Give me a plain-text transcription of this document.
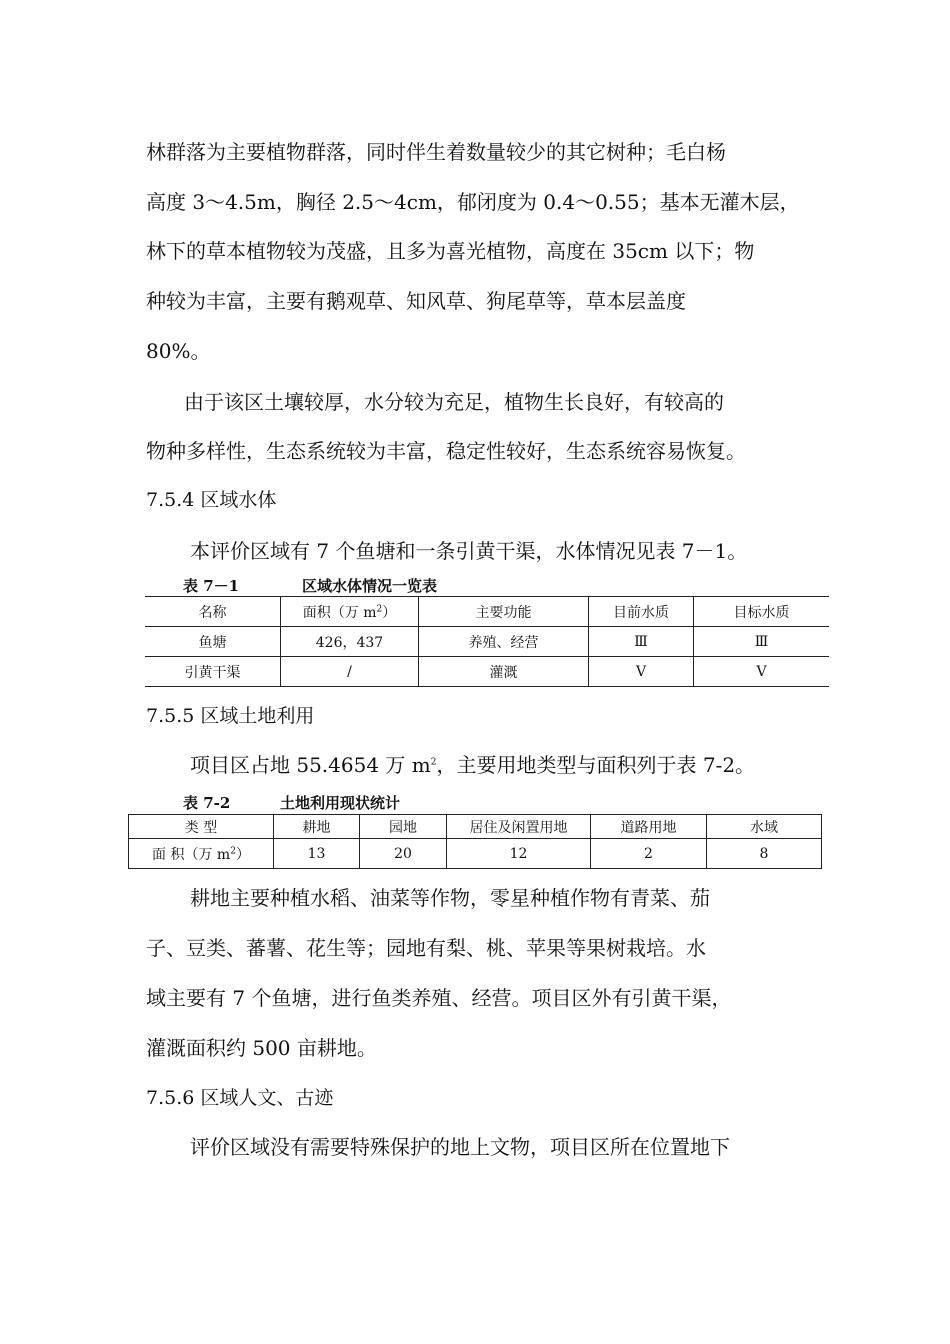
林群落为主要植物群落，同时伴生着数量较少的其它树种；毛白杨
高度 3～4.5m，胸径 2.5～4cm，郁闭度为 0.4～0.55；基本无灌木层，
林下的草本植物较为茂盛，且多为喜光植物，高度在 35cm 以下；物
种较为丰富，主要有鹅观草、知风草、狗尾草等，草本层盖度
80%。
由于该区土壤较厚，水分较为充足，植物生长良好，有较高的
物种多样性，生态系统较为丰富，稳定性较好，生态系统容易恢复。
7.5.4 区域水体
本评价区域有 7 个鱼塘和一条引黄干渠，水体情况见表 7－1。
表 7－1	区域水体情况一览表
名称	面积（万 $m^2$）	主要功能	目前水质	目标水质
鱼塘	426，437	养殖、经营	Ⅲ	Ⅲ
引黄干渠	/	灌溉	V	V
7.5.5 区域土地利用
项目区占地 55.4654 万 $m^2$，主要用地类型与面积列于表 7-2。
表 7-2	土地利用现状统计
类 型	耕地	园地	居住及闲置用地	道路用地	水域
面 积（万 $m^2$）	13	20	12	2	8
耕地主要种植水稻、油菜等作物，零星种植作物有青菜、茄
子、豆类、蕃薯、花生等；园地有梨、桃、苹果等果树栽培。水
域主要有 7 个鱼塘，进行鱼类养殖、经营。项目区外有引黄干渠，
灌溉面积约 500 亩耕地。
7.5.6 区域人文、古迹
评价区域没有需要特殊保护的地上文物，项目区所在位置地下
